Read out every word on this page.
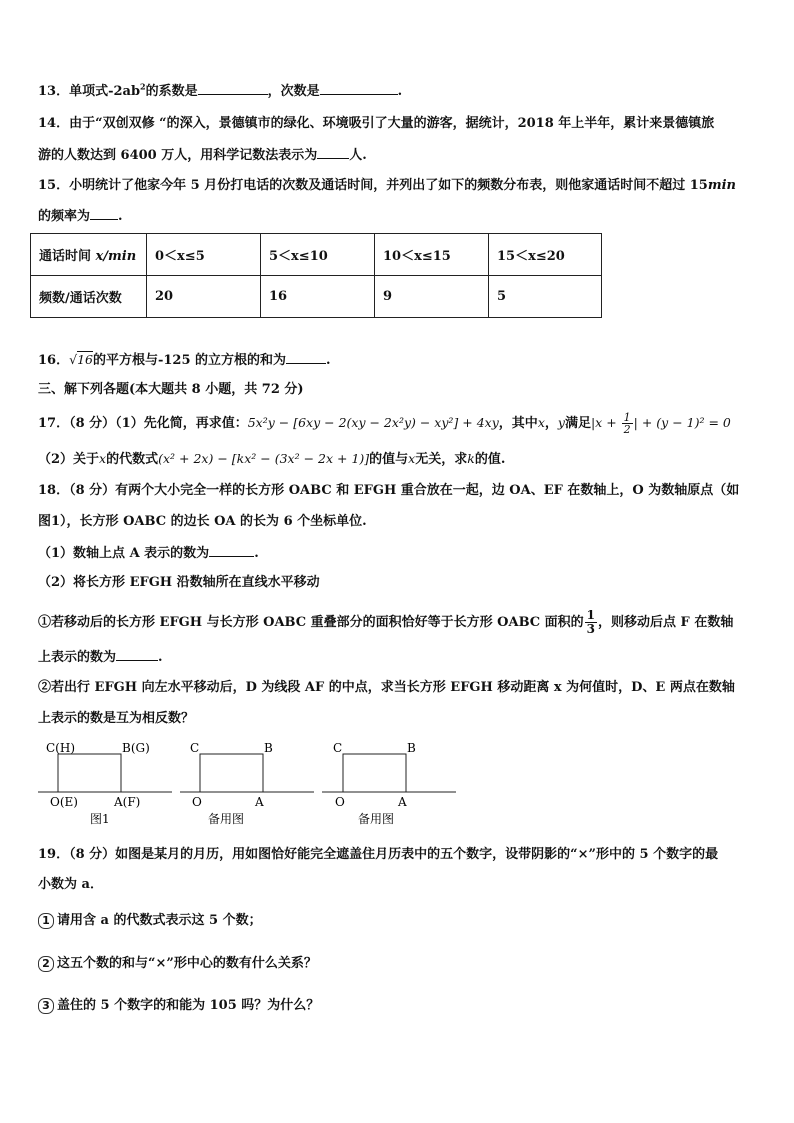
13．单项式$-2ab^2$的系数是	，次数是	.
14．由于“双创双修 “的深入，景德镇市的绿化、环境吸引了大量的游客，据统计，2018 年上半年，累计来景德镇旅
游的人数达到 6400 万人，用科学记数法表示为 人.
15．小明统计了他家今年 5 月份打电话的次数及通话时间，并列出了如下的频数分布表，则他家通话时间不超过 15min
的频率为 .
通话时间 x/min	0＜x≤5	5＜x≤10	10＜x≤15	15＜x≤20
频数/通话次数	20	16	9	5
16．√16的平方根与-125 的立方根的和为	.
三、解下列各题(本大题共 8 小题，共 72 分)
17．（8 分）（1）先化简，再求值：5x²y − [6xy − 2(xy − 2x²y) − xy²] + 4xy，其中x，y满足$|x + \frac{1}{2}$ | + (y − 1)² = 0
（2）关于x的代数式(x² + 2x) − [kx² − (3x² − 2x + 1)]的值与x无关，求k的值.
18．（8 分）有两个大小完全一样的长方形 OABC 和 EFGH 重合放在一起，边 OA、EF 在数轴上，O 为数轴原点（如
图1），长方形 OABC 的边长 OA 的长为 6 个坐标单位.
（1）数轴上点 A 表示的数为	.
（2）将长方形 EFGH 沿数轴所在直线水平移动
①若移动后的长方形 EFGH 与长方形 OABC 重叠部分的面积恰好等于长方形 OABC 面积的 $\frac{1}{3}$ ，则移动后点 F 在数轴
上表示的数为	.
②若出行 EFGH 向左水平移动后，D 为线段 AF 的中点，求当长方形 EFGH 移动距离 x 为何值时，D、E 两点在数轴
上表示的数是互为相反数？
C(H)	B(G)
O(E)	A(F)
图1
C	B
O	A
备用图
C	B
O	A
备用图
19．（8 分）如图是某月的月历，用如图恰好能完全遮盖住月历表中的五个数字，设带阴影的“×”形中的 5 个数字的最
小数为 a．
1 请用含 a 的代数式表示这 5 个数；
2 这五个数的和与“×”形中心的数有什么关系？
3 盖住的 5 个数字的和能为 105 吗？为什么？
